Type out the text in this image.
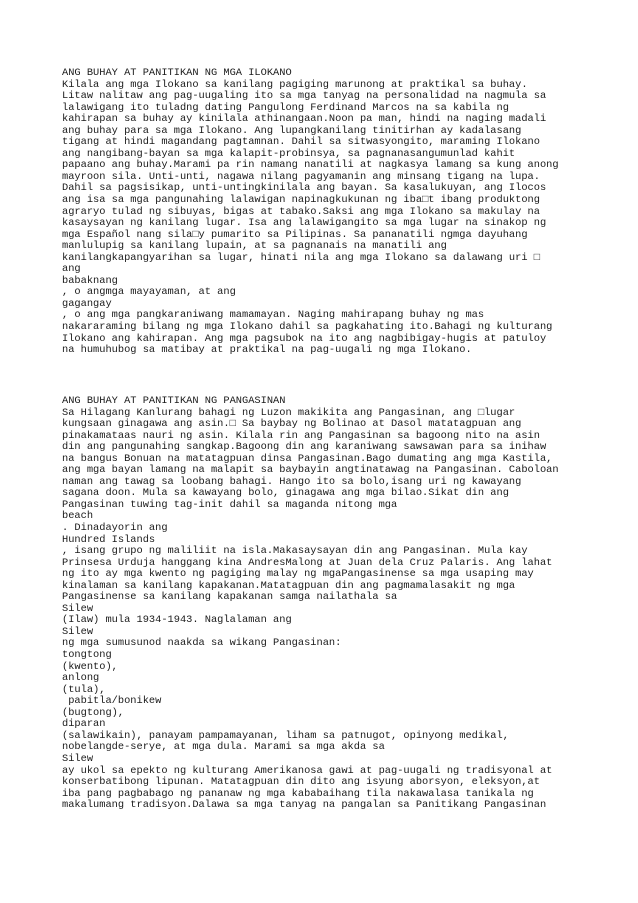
ANG BUHAY AT PANITIKAN NG MGA ILOKANO
Kilala ang mga Ilokano sa kanilang pagiging marunong at praktikal sa buhay.
Litaw nalitaw ang pag-uugaling ito sa mga tanyag na personalidad na nagmula sa
lalawigang ito tuladng dating Pangulong Ferdinand Marcos na sa kabila ng
kahirapan sa buhay ay kinilala athinangaan.Noon pa man, hindi na naging madali
ang buhay para sa mga Ilokano. Ang lupangkanilang tinitirhan ay kadalasang
tigang at hindi magandang pagtamnan. Dahil sa sitwasyongito, maraming Ilokano
ang nangibang-bayan sa mga kalapit-probinsya, sa pagnanasangumunlad kahit
papaano ang buhay.Marami pa rin namang nanatili at nagkasya lamang sa kung anong
mayroon sila. Unti-unti, nagawa nilang pagyamanin ang minsang tigang na lupa.
Dahil sa pagsisikap, unti-untingkinilala ang bayan. Sa kasalukuyan, ang Ilocos
ang isa sa mga pangunahing lalawigan napinagkukunan ng iba□t ibang produktong
agraryo tulad ng sibuyas, bigas at tabako.Saksi ang mga Ilokano sa makulay na
kasaysayan ng kanilang lugar. Isa ang lalawigangito sa mga lugar na sinakop ng
mga Español nang sila□y pumarito sa Pilipinas. Sa pananatili ngmga dayuhang
manlulupig sa kanilang lupain, at sa pagnanais na manatili ang
kanilangkapangyarihan sa lugar, hinati nila ang mga Ilokano sa dalawang uri □
ang
babaknang
, o angmga mayayaman, at ang
gagangay
, o ang mga pangkaraniwang mamamayan. Naging mahirapang buhay ng mas
nakararaming bilang ng mga Ilokano dahil sa pagkahating ito.Bahagi ng kulturang
Ilokano ang kahirapan. Ang mga pagsubok na ito ang nagbibigay-hugis at patuloy
na humuhubog sa matibay at praktikal na pag-uugali ng mga Ilokano.
ANG BUHAY AT PANITIKAN NG PANGASINAN
Sa Hilagang Kanlurang bahagi ng Luzon makikita ang Pangasinan, ang □lugar
kungsaan ginagawa ang asin.□ Sa baybay ng Bolinao at Dasol matatagpuan ang
pinakamataas nauri ng asin. Kilala rin ang Pangasinan sa bagoong nito na asin
din ang pangunahing sangkap.Bagoong din ang karaniwang sawsawan para sa inihaw
na bangus Bonuan na matatagpuan dinsa Pangasinan.Bago dumating ang mga Kastila,
ang mga bayan lamang na malapit sa baybayin angtinatawag na Pangasinan. Caboloan
naman ang tawag sa loobang bahagi. Hango ito sa bolo,isang uri ng kawayang
sagana doon. Mula sa kawayang bolo, ginagawa ang mga bilao.Sikat din ang
Pangasinan tuwing tag-init dahil sa maganda nitong mga
beach
. Dinadayorin ang
Hundred Islands
, isang grupo ng maliliit na isla.Makasaysayan din ang Pangasinan. Mula kay
Prinsesa Urduja hanggang kina AndresMalong at Juan dela Cruz Palaris. Ang lahat
ng ito ay mga kwento ng pagiging malay ng mgaPangasinense sa mga usaping may
kinalaman sa kanilang kapakanan.Matatagpuan din ang pagmamalasakit ng mga
Pangasinense sa kanilang kapakanan samga nailathala sa
Silew
(Ilaw) mula 1934-1943. Naglalaman ang
Silew
ng mga sumusunod naakda sa wikang Pangasinan:
tongtong
(kwento),
anlong
(tula),
pabitla/bonikew
(bugtong),
diparan
(salawikain), panayam pampamayanan, liham sa patnugot, opinyong medikal,
nobelangde-serye, at mga dula. Marami sa mga akda sa
Silew
ay ukol sa epekto ng kulturang Amerikanosa gawi at pag-uugali ng tradisyonal at
konserbatibong lipunan. Matatagpuan din dito ang isyung aborsyon, eleksyon,at
iba pang pagbabago ng pananaw ng mga kababaihang tila nakawalasa tanikala ng
makalumang tradisyon.Dalawa sa mga tanyag na pangalan sa Panitikang Pangasinan
